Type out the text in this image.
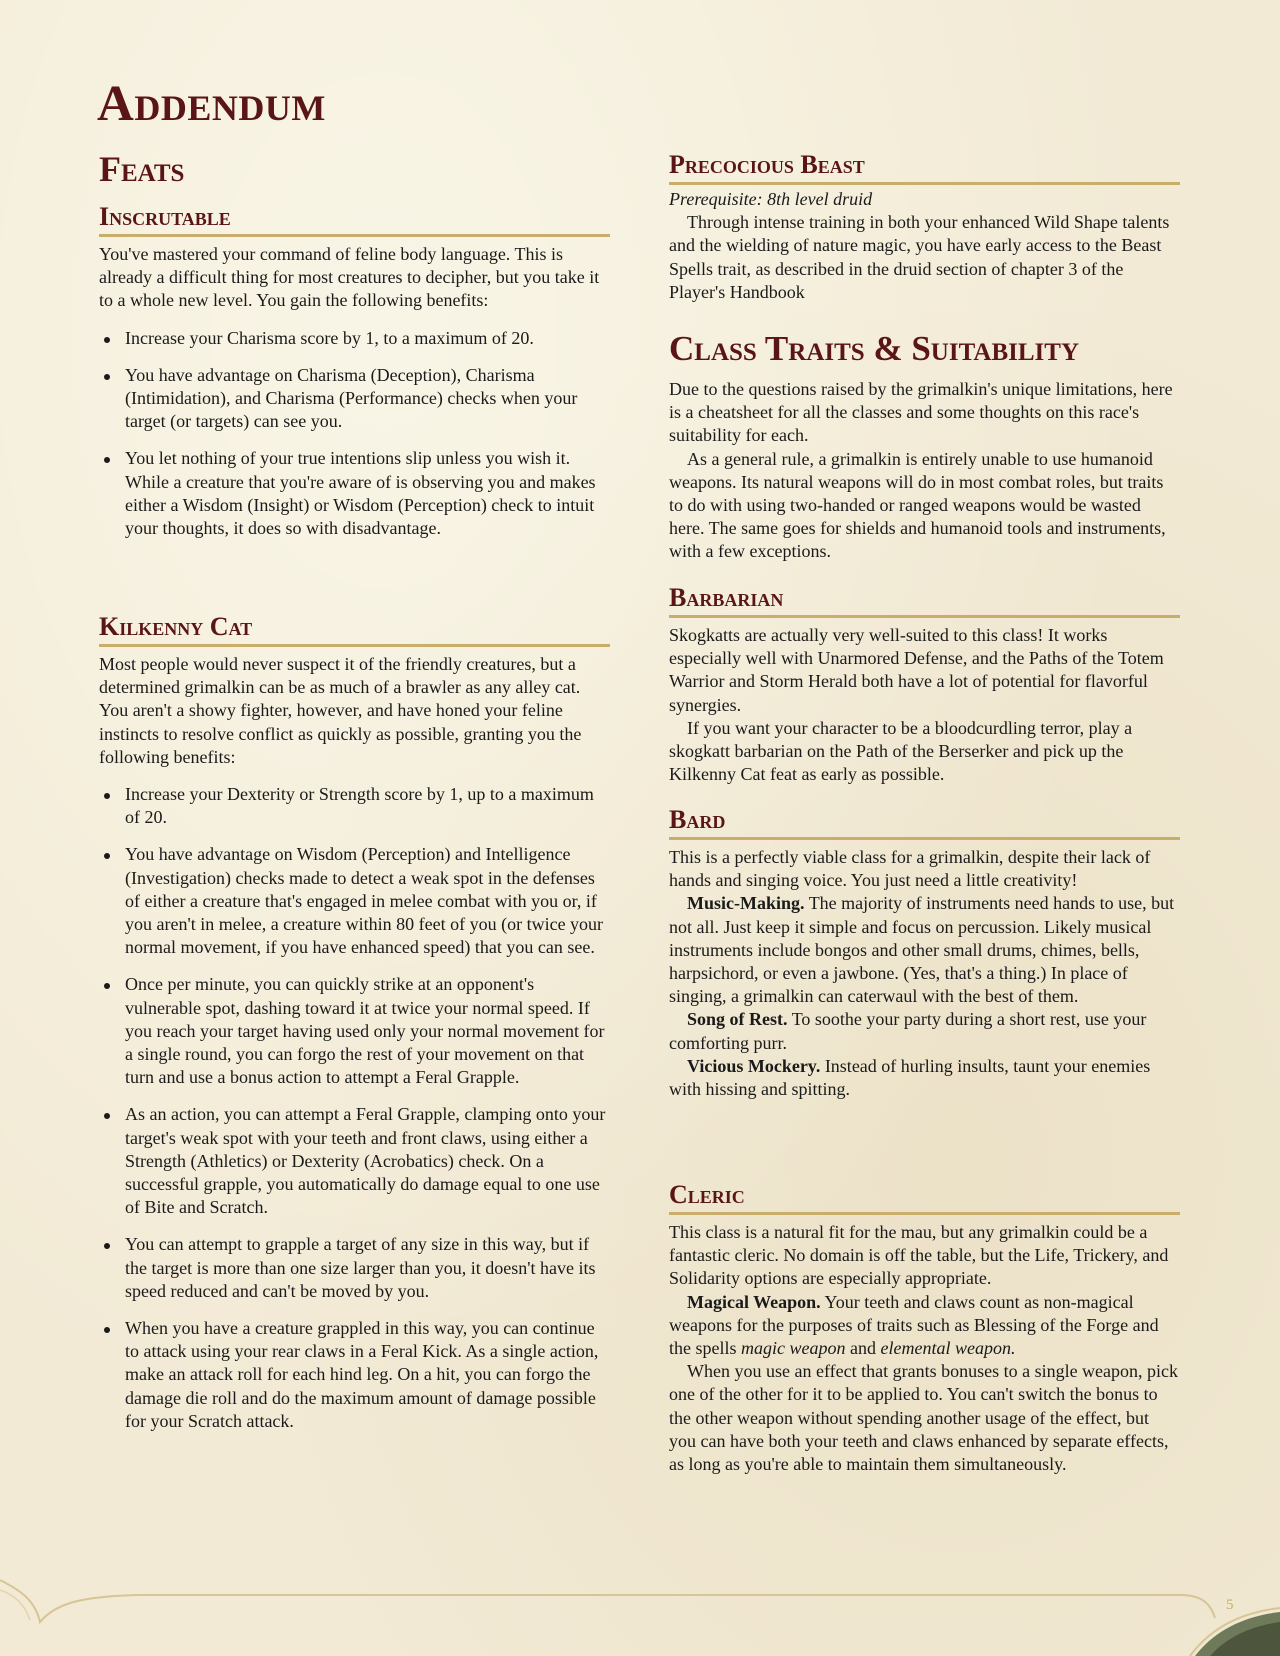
Addendum
Feats
Inscrutable

You've mastered your command of feline body language. This is already a difficult thing for most creatures to decipher, but you take it to a whole new level. You gain the following benefits:

Increase your Charisma score by 1, to a maximum of 20.
You have advantage on Charisma (Deception), Charisma (Intimidation), and Charisma (Performance) checks when your target (or targets) can see you.
You let nothing of your true intentions slip unless you wish it. While a creature that you're aware of is observing you and makes either a Wisdom (Insight) or Wisdom (Perception) check to intuit your thoughts, it does so with disadvantage.
Kilkenny Cat

Most people would never suspect it of the friendly creatures, but a determined grimalkin can be as much of a brawler as any alley cat. You aren't a showy fighter, however, and have honed your feline instincts to resolve conflict as quickly as possible, granting you the following benefits:

Increase your Dexterity or Strength score by 1, up to a maximum of 20.
You have advantage on Wisdom (Perception) and Intelligence (Investigation) checks made to detect a weak spot in the defenses of either a creature that's engaged in melee combat with you or, if you aren't in melee, a creature within 80 feet of you (or twice your normal movement, if you have enhanced speed) that you can see.
Once per minute, you can quickly strike at an opponent's vulnerable spot, dashing toward it at twice your normal speed. If you reach your target having used only your normal movement for a single round, you can forgo the rest of your movement on that turn and use a bonus action to attempt a Feral Grapple.
As an action, you can attempt a Feral Grapple, clamping onto your target's weak spot with your teeth and front claws, using either a Strength (Athletics) or Dexterity (Acrobatics) check. On a successful grapple, you automatically do damage equal to one use of Bite and Scratch.
You can attempt to grapple a target of any size in this way, but if the target is more than one size larger than you, it doesn't have its speed reduced and can't be moved by you.
When you have a creature grappled in this way, you can continue to attack using your rear claws in a Feral Kick. As a single action, make an attack roll for each hind leg. On a hit, you can forgo the damage die roll and do the maximum amount of damage possible for your Scratch attack.
Precocious Beast

Prerequisite: 8th level druid

Through intense training in both your enhanced Wild Shape talents and the wielding of nature magic, you have early access to the Beast Spells trait, as described in the druid section of chapter 3 of the Player's Handbook

Class Traits & Suitability

Due to the questions raised by the grimalkin's unique limitations, here is a cheatsheet for all the classes and some thoughts on this race's suitability for each.

As a general rule, a grimalkin is entirely unable to use humanoid weapons. Its natural weapons will do in most combat roles, but traits to do with using two-handed or ranged weapons would be wasted here. The same goes for shields and humanoid tools and instruments, with a few exceptions.

Barbarian

Skogkatts are actually very well-suited to this class! It works especially well with Unarmored Defense, and the Paths of the Totem Warrior and Storm Herald both have a lot of potential for flavorful synergies.

If you want your character to be a bloodcurdling terror, play a skogkatt barbarian on the Path of the Berserker and pick up the Kilkenny Cat feat as early as possible.

Bard

This is a perfectly viable class for a grimalkin, despite their lack of hands and singing voice. You just need a little creativity!

Music-Making. The majority of instruments need hands to use, but not all. Just keep it simple and focus on percussion. Likely musical instruments include bongos and other small drums, chimes, bells, harpsichord, or even a jawbone. (Yes, that's a thing.) In place of singing, a grimalkin can caterwaul with the best of them.

Song of Rest. To soothe your party during a short rest, use your comforting purr.

Vicious Mockery. Instead of hurling insults, taunt your enemies with hissing and spitting.

Cleric

This class is a natural fit for the mau, but any grimalkin could be a fantastic cleric. No domain is off the table, but the Life, Trickery, and Solidarity options are especially appropriate.

Magical Weapon. Your teeth and claws count as non-magical weapons for the purposes of traits such as Blessing of the Forge and the spells magic weapon and elemental weapon.

When you use an effect that grants bonuses to a single weapon, pick one of the other for it to be applied to. You can't switch the bonus to the other weapon without spending another usage of the effect, but you can have both your teeth and claws enhanced by separate effects, as long as you're able to maintain them simultaneously.

5
